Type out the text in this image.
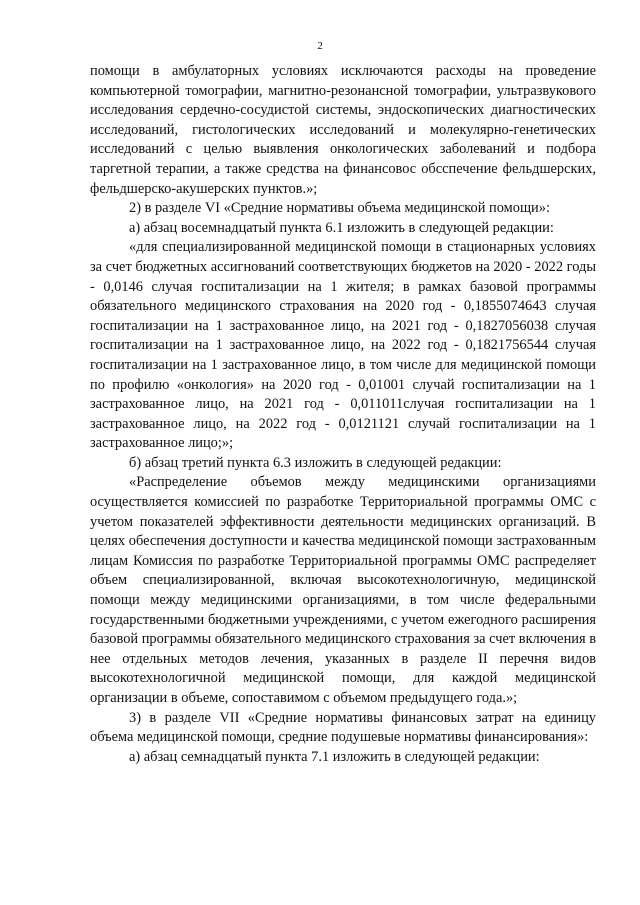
2

помощи в амбулаторных условиях исключаются расходы на проведение компьютерной томографии, магнитно-резонансной томографии, ультразвукового исследования сердечно-сосудистой системы, эндоскопических диагностических исследований, гистологических исследований и молекулярно-генетических исследований с целью выявления онкологических заболеваний и подбора таргетной терапии, а также средства на финансовос обсспечение фельдшерских, фельдшерско-акушерских пунктов.»;

2) в разделе VI «Средние нормативы объема медицинской помощи»:

а) абзац восемнадцатый пункта 6.1 изложить в следующей редакции:

«для специализированной медицинской помощи в стационарных условиях за счет бюджетных ассигнований соответствующих бюджетов на 2020 - 2022 годы - 0,0146 случая госпитализации на 1 жителя; в рамках базовой программы обязательного медицинского страхования на 2020 год - 0,1855074643 случая госпитализации на 1 застрахованное лицо, на 2021 год - 0,1827056038 случая госпитализации на 1 застрахованное лицо, на 2022 год - 0,1821756544 случая госпитализации на 1 застрахованное лицо, в том числе для медицинской помощи по профилю «онкология» на 2020 год - 0,01001 случай госпитализации на 1 застрахованное лицо, на 2021 год - 0,011011случая госпитализации на 1 застрахованное лицо, на 2022 год - 0,0121121 случай госпитализации на 1 застрахованное лицо;»;

б) абзац третий пункта 6.3 изложить в следующей редакции:

«Распределение объемов между медицинскими организациями осуществляется комиссией по разработке Территориальной программы ОМС с учетом показателей эффективности деятельности медицинских организаций. В целях обеспечения доступности и качества медицинской помощи застрахованным лицам Комиссия по разработке Территориальной программы ОМС распределяет объем специализированной, включая высокотехнологичную, медицинской помощи между медицинскими организациями, в том числе федеральными государственными бюджетными учреждениями, с учетом ежегодного расширения базовой программы обязательного медицинского страхования за счет включения в нее отдельных методов лечения, указанных в разделе II перечня видов высокотехнологичной медицинской помощи, для каждой медицинской организации в объеме, сопоставимом с объемом предыдущего года.»;

3) в разделе VII «Средние нормативы финансовых затрат на единицу объема медицинской помощи, средние подушевые нормативы финансирования»:

а) абзац семнадцатый пункта 7.1 изложить в следующей редакции:
